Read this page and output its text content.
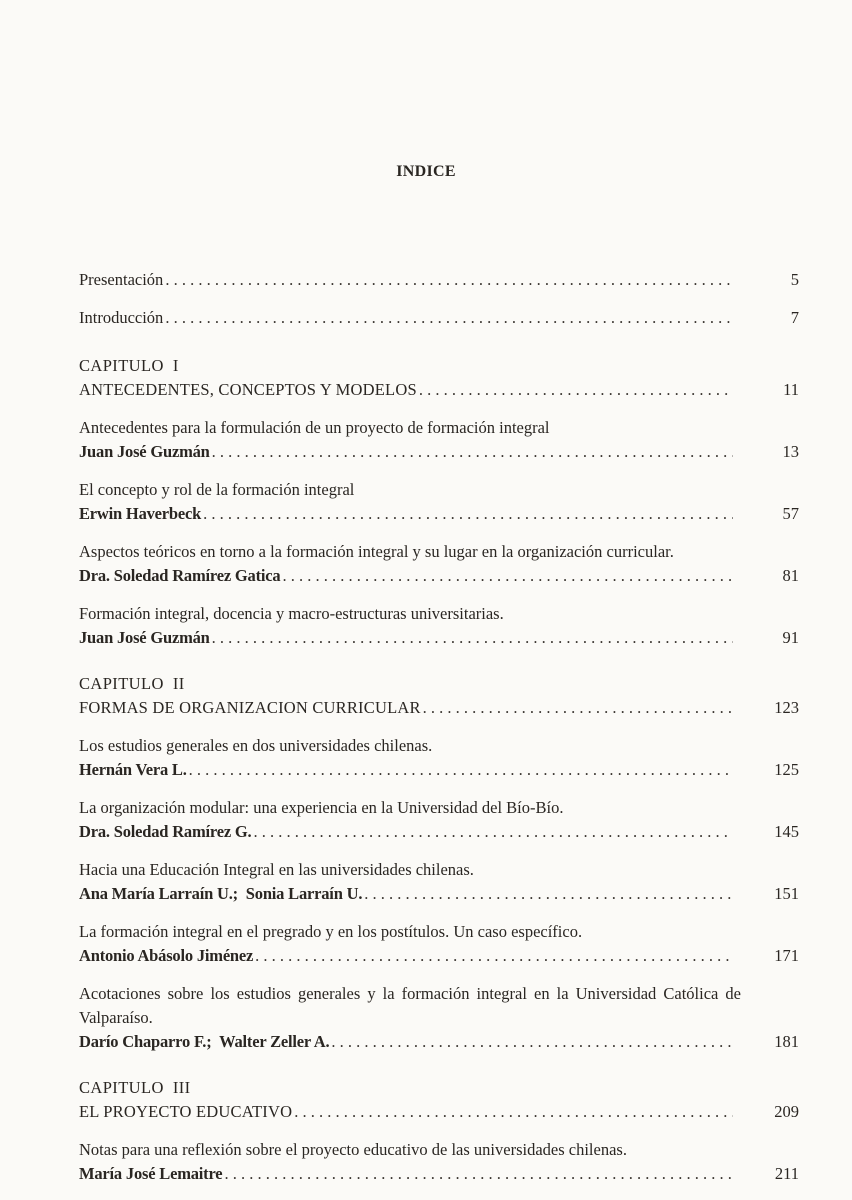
INDICE
Presentación . . .	5
Introducción . . .	7
CAPITULO  I
ANTECEDENTES, CONCEPTOS Y MODELOS . . .	11
Antecedentes para la formulación de un proyecto de formación integral
Juan José Guzmán . . .	13
El concepto y rol de la formación integral
Erwin Haverbeck . . .	57
Aspectos teóricos en torno a la formación integral y su lugar en la organización curricular.
Dra. Soledad Ramírez Gatica . . .	81
Formación integral, docencia y macro-estructuras universitarias.
Juan José Guzmán . . .	91
CAPITULO  II
FORMAS DE ORGANIZACION CURRICULAR . . .	123
Los estudios generales en dos universidades chilenas.
Hernán Vera L. . . .	125
La organización modular: una experiencia en la Universidad del Bío-Bío.
Dra. Soledad Ramírez G. . . .	145
Hacia una Educación Integral en las universidades chilenas.
Ana María Larraín U.;  Sonia Larraín U. . . .	151
La formación integral en el pregrado y en los postítulos. Un caso específico.
Antonio Abásolo Jiménez . . .	171
Acotaciones sobre los estudios generales y la formación integral en la Universidad Católica de Valparaíso.
Darío Chaparro F.;  Walter Zeller A. . . .	181
CAPITULO  III
EL PROYECTO EDUCATIVO . . .	209
Notas para una reflexión sobre el proyecto educativo de las universidades chilenas.
María José Lemaitre . . .	211
